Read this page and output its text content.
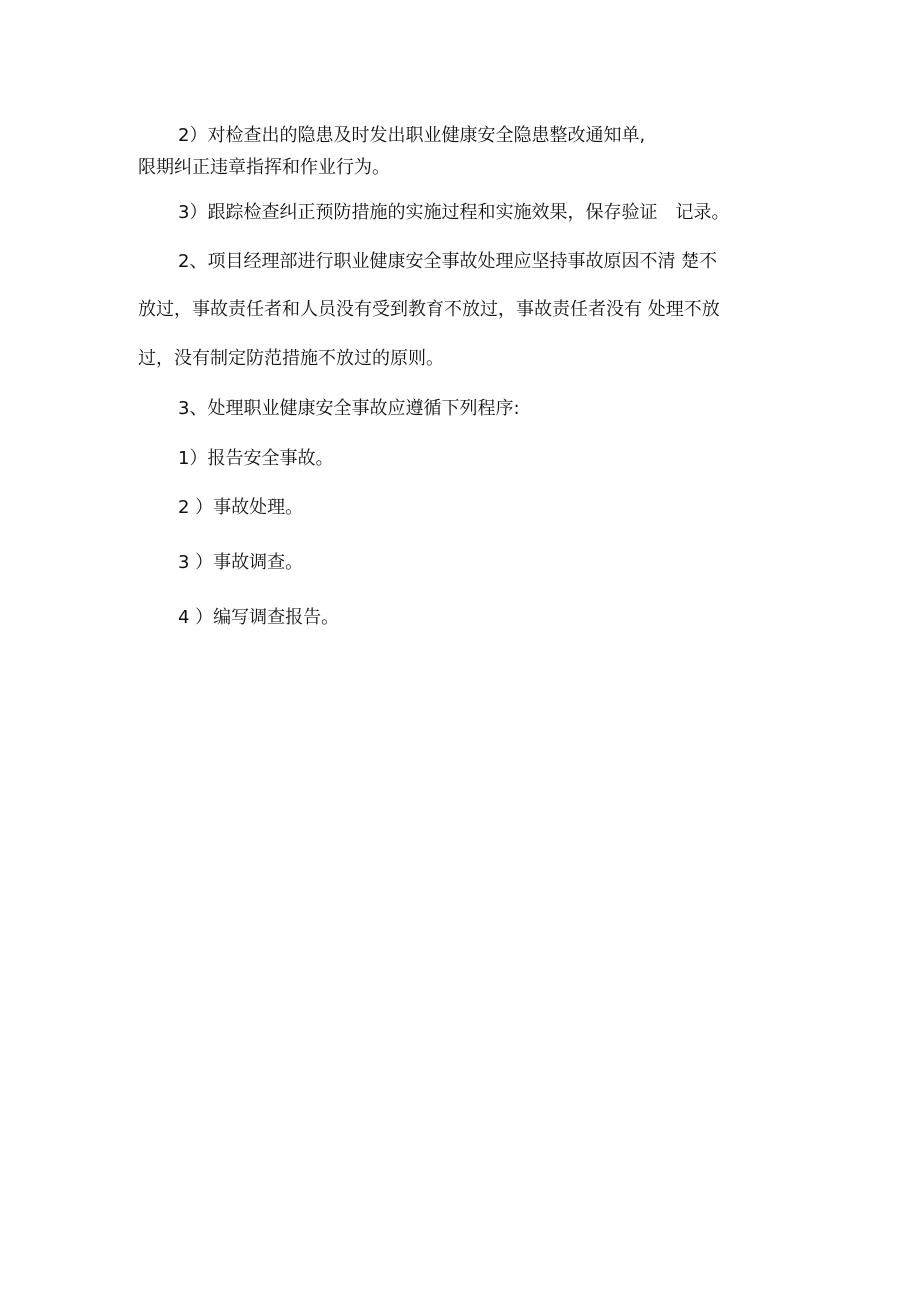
2）对检查出的隐患及时发出职业健康安全隐患整改通知单,
限期纠正违章指挥和作业行为。
3）跟踪检查纠正预防措施的实施过程和实施效果，保存验证　记录。
2、项目经理部进行职业健康安全事故处理应坚持事故原因不清 楚不
放过，事故责任者和人员没有受到教育不放过，事故责任者没有 处理不放
过，没有制定防范措施不放过的原则。
3、处理职业健康安全事故应遵循下列程序:
1）报告安全事故。
2 ）事故处理。
3 ）事故调查。
4 ）编写调查报告。
